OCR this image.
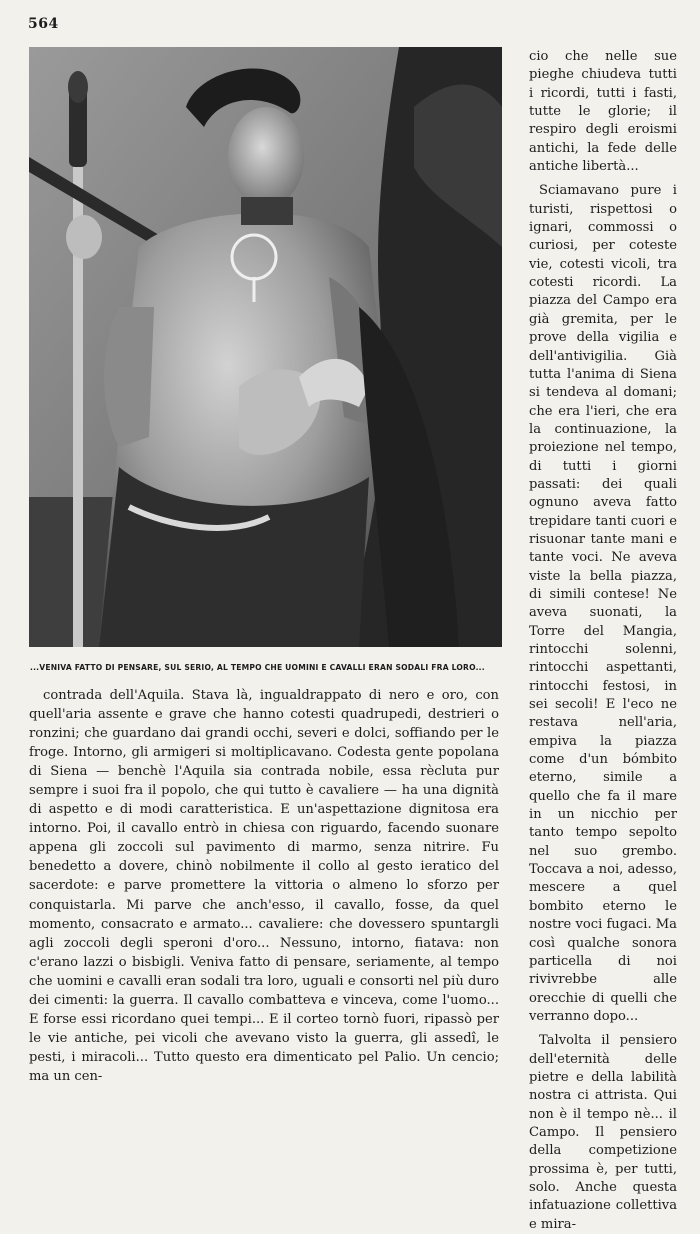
564
...VENIVA FATTO DI PENSARE, SUL SERIO, AL TEMPO CHE UOMINI E CAVALLI ERAN SODALI FRA LORO...

contrada dell'Aquila. Stava là, ingualdrappato di nero e oro, con quell'aria assente e grave che hanno cotesti quadrupedi, destrieri o ronzini; che guardano dai grandi occhi, severi e dolci, soffiando per le froge. Intorno, gli armigeri si moltiplicavano. Codesta gente popolana di Siena — benchè l'Aquila sia contrada nobile, essa rècluta pur sempre i suoi fra il popolo, che qui tutto è cavaliere — ha una dignità di aspetto e di modi caratteristica. E un'aspettazione dignitosa era intorno. Poi, il cavallo entrò in chiesa con riguardo, facendo suonare appena gli zoccoli sul pavimento di marmo, senza nitrire. Fu benedetto a dovere, chinò nobilmente il collo al gesto ieratico del sacerdote: e parve promettere la vittoria o almeno lo sforzo per conquistarla. Mi parve che anch'esso, il cavallo, fosse, da quel momento, consacrato e armato... cavaliere: che dovessero spuntargli agli zoccoli degli speroni d'oro... Nessuno, intorno, fiatava: non c'erano lazzi o bisbigli. Veniva fatto di pensare, seriamente, al tempo che uomini e cavalli eran sodali tra loro, uguali e consorti nel più duro dei cimenti: la guerra. Il cavallo combatteva e vinceva, come l'uomo... E forse essi ricordano quei tempi... E il corteo tornò fuori, ripassò per le vie antiche, pei vicoli che avevano visto la guerra, gli assedî, le pesti, i miracoli... Tutto questo era dimenticato pel Palio. Un cencio; ma un cen-

cio che nelle sue pieghe chiudeva tutti i ricordi, tutti i fasti, tutte le glorie; il respiro degli eroismi antichi, la fede delle antiche libertà...

Sciamavano pure i turisti, rispettosi o ignari, commossi o curiosi, per coteste vie, cotesti vicoli, tra cotesti ricordi. La piazza del Campo era già gremita, per le prove della vigilia e dell'antivigilia. Già tutta l'anima di Siena si tendeva al domani; che era l'ieri, che era la continuazione, la proiezione nel tempo, di tutti i giorni passati: dei quali ognuno aveva fatto trepidare tanti cuori e risuonar tante mani e tante voci. Ne aveva viste la bella piazza, di simili contese! Ne aveva suonati, la Torre del Mangia, rintocchi solenni, rintocchi aspettanti, rintocchi festosi, in sei secoli! E l'eco ne restava nell'aria, empiva la piazza come d'un bómbito eterno, simile a quello che fa il mare in un nicchio per tanto tempo sepolto nel suo grembo. Toccava a noi, adesso, mescere a quel bombito eterno le nostre voci fugaci. Ma così qualche sonora particella di noi rivivrebbe alle orecchie di quelli che verranno dopo...

Talvolta il pensiero dell'eternità delle pietre e della labilità nostra ci attrista. Qui non è il tempo nè... il Campo. Il pensiero della competizione prossima è, per tutti, solo. Anche questa infatuazione collettiva e mira-
